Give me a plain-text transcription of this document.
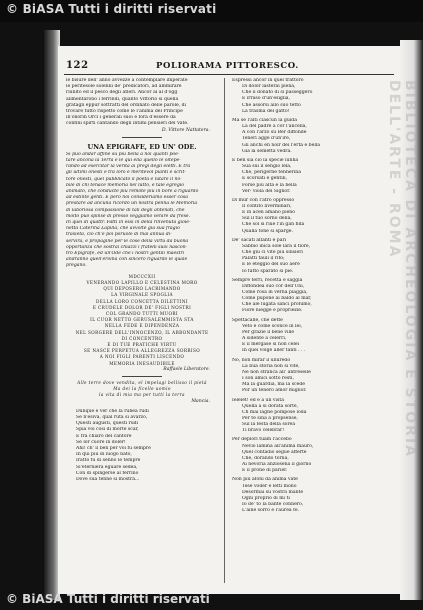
© BiASA Tutti i diritti riservati
BIBLIOTECA DI ARCHEOLOGIA E STORIA DELL'ARTE - ROMA
122	POLIORAMA PITTORESCO.
le bisure dell' anno avvezze a contemplare imperate
le peritesole solenni de' predicatori, ad ammirare
riunito ed il pesco degli atleri. Ancor al al d'ogg
alimentarono i ferrindi, quanto Vittorio si quella
gratagli eppur sottratti del ordinato delle parole, di
trovare tutto rispetto come le l'anima del Principe
in'onorin Orci i generali suoi e fora d'essere da
confini spirti cantando degli intimi pensieri del Vate.
D. Vittore Nattatera.
UNA EPIGRAFE, ED UN' ODE.
Si può andar affine su più bella a noi quanti poe-
tare ancona la Terra e le qui ella quello le oltepe-
rando ad esercitar la verità ai pregi degli eletti. E tra
gli ultimi onesti e tra loro è meritevol pianti e scrit-
tore onesti, quel pubblicato il poeta e lutare il no-
bile di chi tenace memoria nel lutto, e tale egregio
animato, che conducte più remote più in bore a riguardo
ad estinte genti. E però noi consideriamo esser cosa
prestare ad ancuna ricordo un nostra penna le Memoria
di laboriosa compassione di tali degli antenati, che
molto può spinse di presso veggiamo venire da frese.
In quei di quattr. Fatti in essi in della rinvenuta gioie-
netta Caterina Lapilla, che avvolte già sua fragio
trasieta, ciò ch'è poi poruolo di mai annua di-
servirà, è propagine per le cose della virtù da buona
opportanza che sostrai chiazzi i fratelli suoi nascon-
tro Epigrafe, ed un'Ode che i nostri gentili maestri
andranno quell'eroina con sincero riguardo le quale
pregano.
MDCCCXII
VENERANDO LAPILLO E CELESTINA MORO
QUI DEPOSERO LACRIMANDO
LA VIRGINALE SPOGLIA
DELLA LORO CONCETTA DILETTINI
E CRUDELE DOLOR DE' FIGLI NOSTRI
COL GRANDO TUTTI MUORI
IL CUOR NETTO GERUSALEMMISTA STA
NELLA FEDE E DIPENDENZA
NEL SORGERE DELL'INNOCENZO, IL ABBONDANTE
DI CONCENTRO
E DI TUE PRATICHE VIRTÙ
SE NASCE PERPETUA ALLEGREZZA SORRISO
A NOI FIGLI PARENTI LISCENDO
MEMORIA INESAUDIBILE
Raffaele Liberatore.
Alle terre dove vendita, el impelagi bellisso il pietà
Ma dei la ficelle uomio
la vita di mia ma per tutti la terra
Mancia.
Dunque è ver che la rubea rudi
Se n'esiva, qual ruta si avarzo,
Questi augusti, questi rudi
Spia voi così di morte scar,
E fra chiaro del cantore
Se lor cuore in doler!
Ahi! ch' il ben per voi fu sempre
In qui più di luogo nato,
Iratto fu di senno le tempre
Si'eterniera eguare sedea,
Con di spingerse al ferrino
Dove sua tenne si mostra...
Espressi ancor in quel trattoro
Di dolor lasterai piena,
Che il donato di sì passeggero
E irraso d'un'esiglia,
Che assorsi allo suo tetto
La trasma del gatto!
Ma se l'alti ciascun la guida
La del padre a cor l'ancella,
A con l'arzo su Ber diffonde
Teneri agge d'un'ire,
Gli anchi en noir dei l'erta e bella
Già la semetta vedra.
E ben sia ciò la specie lunha
Sua sui il sengio lela,
Che, perigerne tennerina
E scorsati e gentili,
Forse più alta è la bella
Ver- viola del Signor.
Di mur con l'atro oppresso
Il contito liverminari,
E in acen amano pieno
Sul il tuo sorno della,
Che sol si riue l'in gan fida
Qualla tone si sparge.
De' sacati aflanti e pari
Sabbio inica sole lara il fiore,
Che giù ci vite più sinsieri
Palatti tauli il rito;
E le eteggio del suo aere
Io fatto sparato si piè.
Sempre terri, recetta e saggia
Diffondea suo cor dell'Uni,
Come rosa in verna piaggia,
Come pupone ai baldo al mar,
Che ale lugata sanci profumo,
Fiore niegge e propriezie.
Spettacalle, che dette
Veto e come sconce in lei,
Per grazie il bene ville
A sidente a celerri,
E il mergase sì non celei
In quei volge aller tanti . . .
No, non mirar il ulluredo
La bua storia non si vite,
Ne non stranca all' antreselle
I son amici sotto resti,
Ma la guardia, ma la scede
Por un tenero amor miglior.
Ielelet! ed è a un vista
Quella a sì dorata sorte,
Ch mai lagne pompose loda
Per te sina a propsense,
Sul la festa della sorea
Ti bravo celebrar!
Per deplorì tuam l'accebo
Nevio lamina all'anima mauro,
Quel contadio segue afferte
Che, dorando torna,
Ai nevorià anziosena il giorno
E il prone di parier.
Non più afoni da anima vate
Tese voder e letti mono
Desormai su vostra mante
Ogni proprio di mi ti
Io de' to la bante connero,
L'aine sorro e l'aurea fe.
© BiASA Tutti i diritti riservati
